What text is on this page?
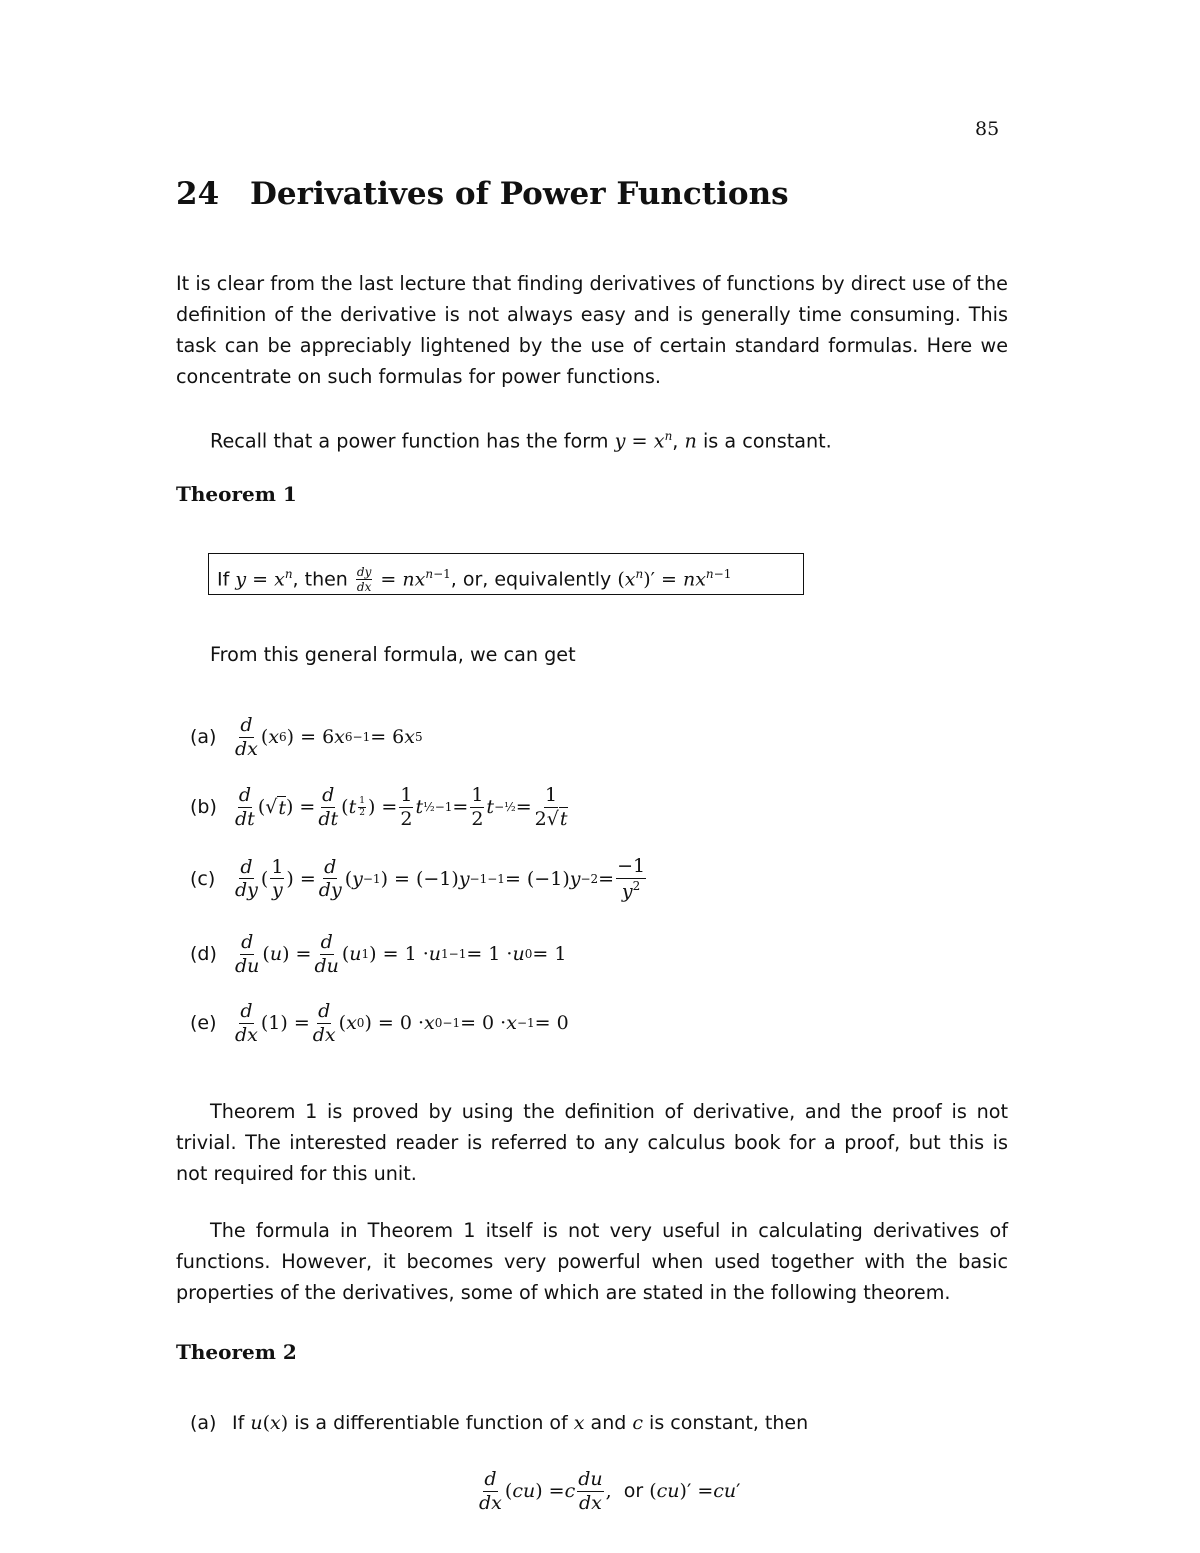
85
24 Derivatives of Power Functions

It is clear from the last lecture that finding derivatives of functions by direct use of the definition of the derivative is not always easy and is generally time consuming. This task can be appreciably lightened by the use of certain standard formulas. Here we concentrate on such formulas for power functions.

Recall that a power function has the form $y = x^n$, n is a constant.

Theorem 1
If $y = x^n$, then $\frac{dy}{dx} = nx^{n-1}$, or, equivalently $(x^n)' = nx^{n-1}$

From this general formula, we can get

$(a) \frac{d}{dx}$ ( x 6 ) = 6 x 6−1 = 6 x 5
$(b) \frac{d}{dt}$ (√ t ) = $\frac{d}{dt}$ ( t $\frac{1}{2}$ ) = $\frac{1}{2}$ t ½−1 = $\frac{1}{2}$ t −½ = $\frac{1}{2√t}$
$(c) \frac{d}{dy}$ ( $\frac{1}{y}$ ) = $\frac{d}{dy}$ ( y −1 ) = (−1) y −1−1 = (−1) $y -2 = \frac{-1}{y^2}$
$(d) \frac{d}{du}$ ( u ) = $\frac{d}{du}$ ( u 1 ) = 1 · u 1−1 = 1 · u 0 = 1
$(e) \frac{d}{dx} (1) = \frac{d}{dx}$ ( x 0 ) = 0 · x 0−1 = 0 · x −1 = 0

Theorem 1 is proved by using the definition of derivative, and the proof is not trivial. The interested reader is referred to any calculus book for a proof, but this is not required for this unit.

The formula in Theorem 1 itself is not very useful in calculating derivatives of functions. However, it becomes very powerful when used together with the basic properties of the derivatives, some of which are stated in the following theorem.

Theorem 2
(a) If u(x) is a differentiable function of x and c is constant, then
$\frac{d}{dx}$ ( cu ) = c $\frac{du}{dx}$ , or ( cu )′ = cu ′
